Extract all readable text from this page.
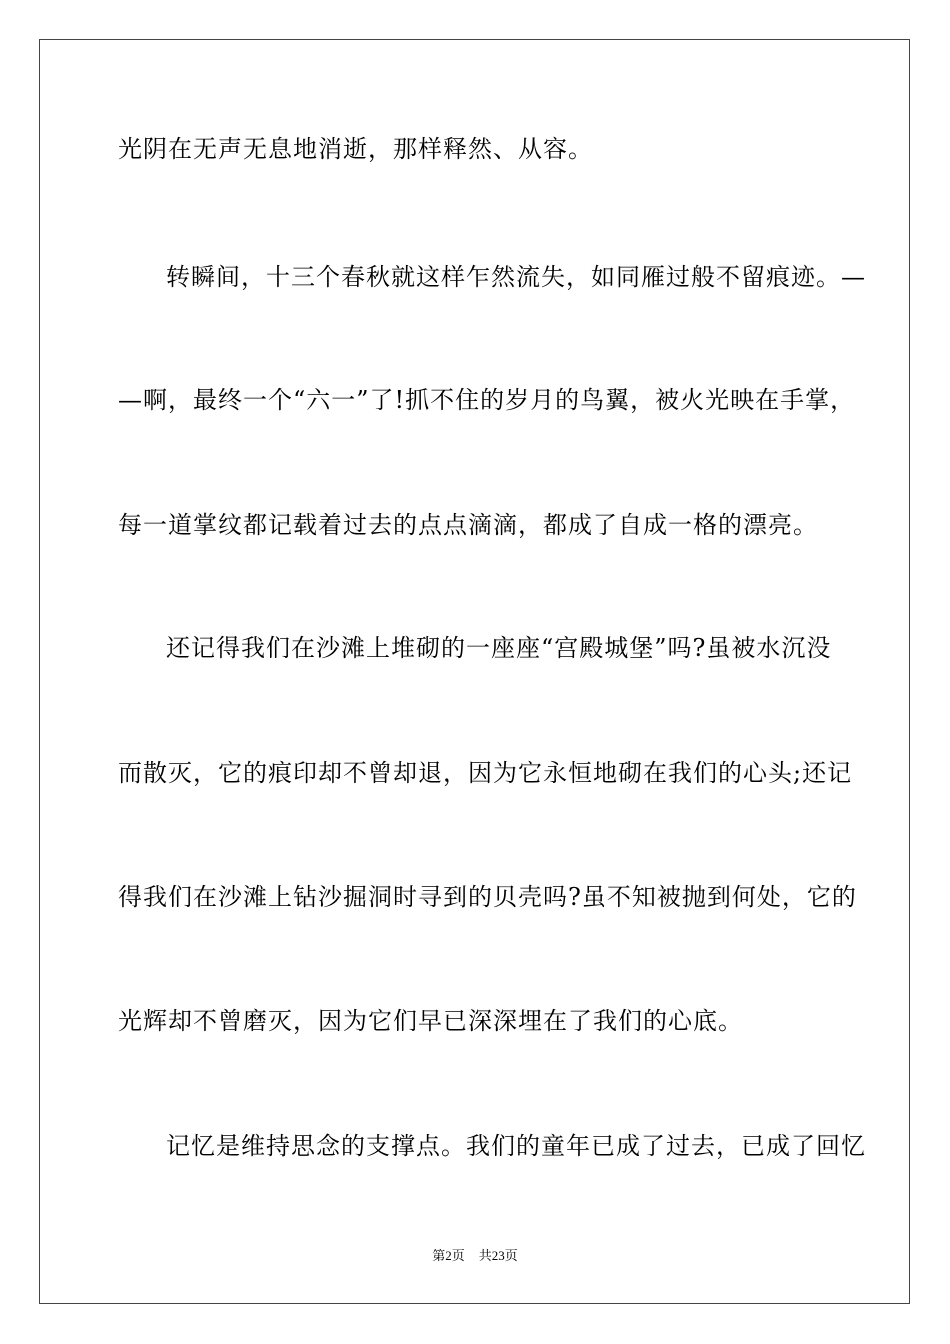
光阴在无声无息地消逝，那样释然、从容。
转瞬间，十三个春秋就这样乍然流失，如同雁过般不留痕迹。—
—啊，最终一个“六一”了!抓不住的岁月的鸟翼，被火光映在手掌，
每一道掌纹都记载着过去的点点滴滴，都成了自成一格的漂亮。
还记得我们在沙滩上堆砌的一座座“宫殿城堡”吗?虽被水沉没
而散灭，它的痕印却不曾却退，因为它永恒地砌在我们的心头;还记
得我们在沙滩上钻沙掘洞时寻到的贝壳吗?虽不知被抛到何处，它的
光辉却不曾磨灭，因为它们早已深深埋在了我们的心底。
记忆是维持思念的支撑点。我们的童年已成了过去，已成了回忆
第2页 共23页
